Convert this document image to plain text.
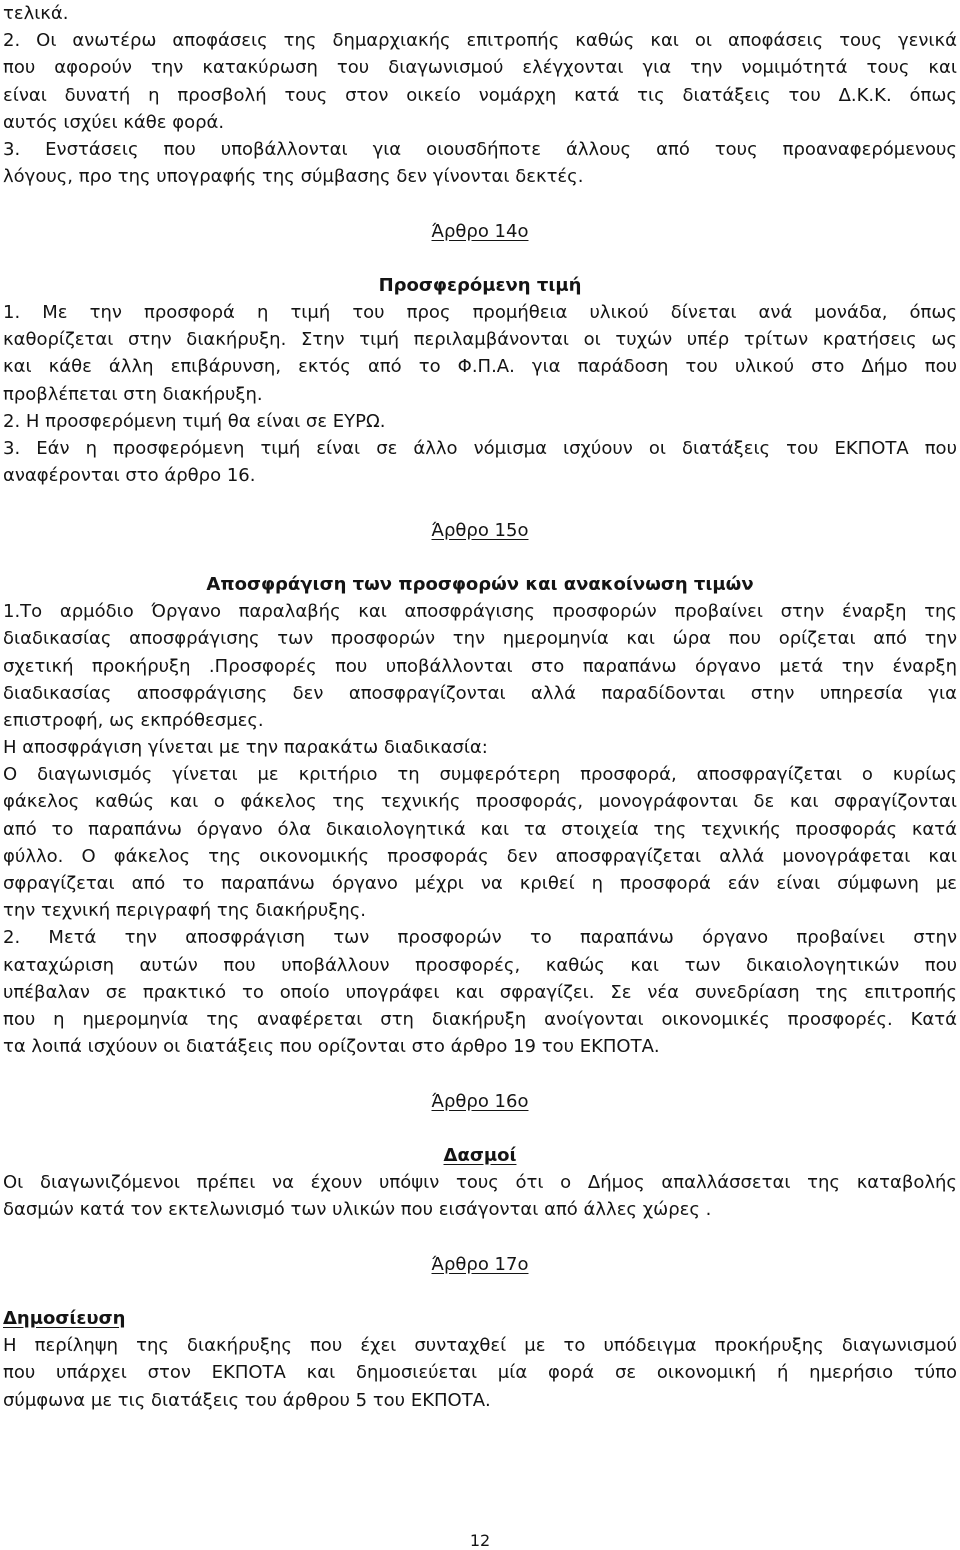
τελικά.
2. Οι ανωτέρω αποφάσεις της δημαρχιακής επιτροπής καθώς και οι αποφάσεις τους γενικά
που αφορούν την κατακύρωση του διαγωνισμού ελέγχονται για την νομιμότητά τους και
είναι δυνατή η προσβολή τους στον οικείο νομάρχη κατά τις διατάξεις του Δ.Κ.Κ. όπως
αυτός ισχύει κάθε φορά.
3. Ενστάσεις που υποβάλλονται για οιουσδήποτε άλλους από τους προαναφερόμενους
λόγους, προ της υπογραφής της σύμβασης δεν γίνονται δεκτές.
Άρθρο 14ο
Προσφερόμενη τιμή
1. Με την προσφορά η τιμή του προς προμήθεια υλικού δίνεται ανά μονάδα, όπως
καθορίζεται στην διακήρυξη. Στην τιμή περιλαμβάνονται οι τυχών υπέρ τρίτων κρατήσεις ως
και κάθε άλλη επιβάρυνση, εκτός από το Φ.Π.Α. για παράδοση του υλικού στο Δήμο που
προβλέπεται στη διακήρυξη.
2. Η προσφερόμενη τιμή θα είναι σε ΕΥΡΩ.
3. Εάν η προσφερόμενη τιμή είναι σε άλλο νόμισμα ισχύουν οι διατάξεις του ΕΚΠΟΤΑ που
αναφέρονται στο άρθρο 16.
Άρθρο 15ο
Αποσφράγιση των προσφορών και ανακοίνωση τιμών
1.Το αρμόδιο Όργανο παραλαβής και αποσφράγισης προσφορών προβαίνει στην έναρξη της
διαδικασίας αποσφράγισης των προσφορών την ημερομηνία και ώρα που ορίζεται από την
σχετική προκήρυξη .Προσφορές που υποβάλλονται στο παραπάνω όργανο μετά την έναρξη
διαδικασίας αποσφράγισης δεν αποσφραγίζονται αλλά παραδίδονται στην υπηρεσία για
επιστροφή, ως εκπρόθεσμες.
Η αποσφράγιση γίνεται με την παρακάτω διαδικασία:
Ο διαγωνισμός γίνεται με κριτήριο τη συμφερότερη προσφορά, αποσφραγίζεται ο κυρίως
φάκελος καθώς και ο φάκελος της τεχνικής προσφοράς, μονογράφονται δε και σφραγίζονται
από το παραπάνω όργανο όλα δικαιολογητικά και τα στοιχεία της τεχνικής προσφοράς κατά
φύλλο. Ο φάκελος της οικονομικής προσφοράς δεν αποσφραγίζεται αλλά μονογράφεται και
σφραγίζεται από το παραπάνω όργανο μέχρι να κριθεί η προσφορά εάν είναι σύμφωνη με
την τεχνική περιγραφή της διακήρυξης.
2. Μετά την αποσφράγιση των προσφορών το παραπάνω όργανο προβαίνει στην
καταχώριση αυτών που υποβάλλουν προσφορές, καθώς και των δικαιολογητικών που
υπέβαλαν σε πρακτικό το οποίο υπογράφει και σφραγίζει. Σε νέα συνεδρίαση της επιτροπής
που η ημερομηνία της αναφέρεται στη διακήρυξη ανοίγονται οικονομικές προσφορές. Κατά
τα λοιπά ισχύουν οι διατάξεις που ορίζονται στο άρθρο 19 του ΕΚΠΟΤΑ.
Άρθρο 16ο
Δασμοί
Οι διαγωνιζόμενοι πρέπει να έχουν υπόψιν τους ότι ο Δήμος απαλλάσσεται της καταβολής
δασμών κατά τον εκτελωνισμό των υλικών που εισάγονται από άλλες χώρες .
Άρθρο 17ο
Δημοσίευση
Η περίληψη της διακήρυξης που έχει συνταχθεί με το υπόδειγμα προκήρυξης διαγωνισμού
που υπάρχει στον ΕΚΠΟΤΑ και δημοσιεύεται μία φορά σε οικονομική ή ημερήσιο τύπο
σύμφωνα με τις διατάξεις του άρθρου 5 του ΕΚΠΟΤΑ.
12
